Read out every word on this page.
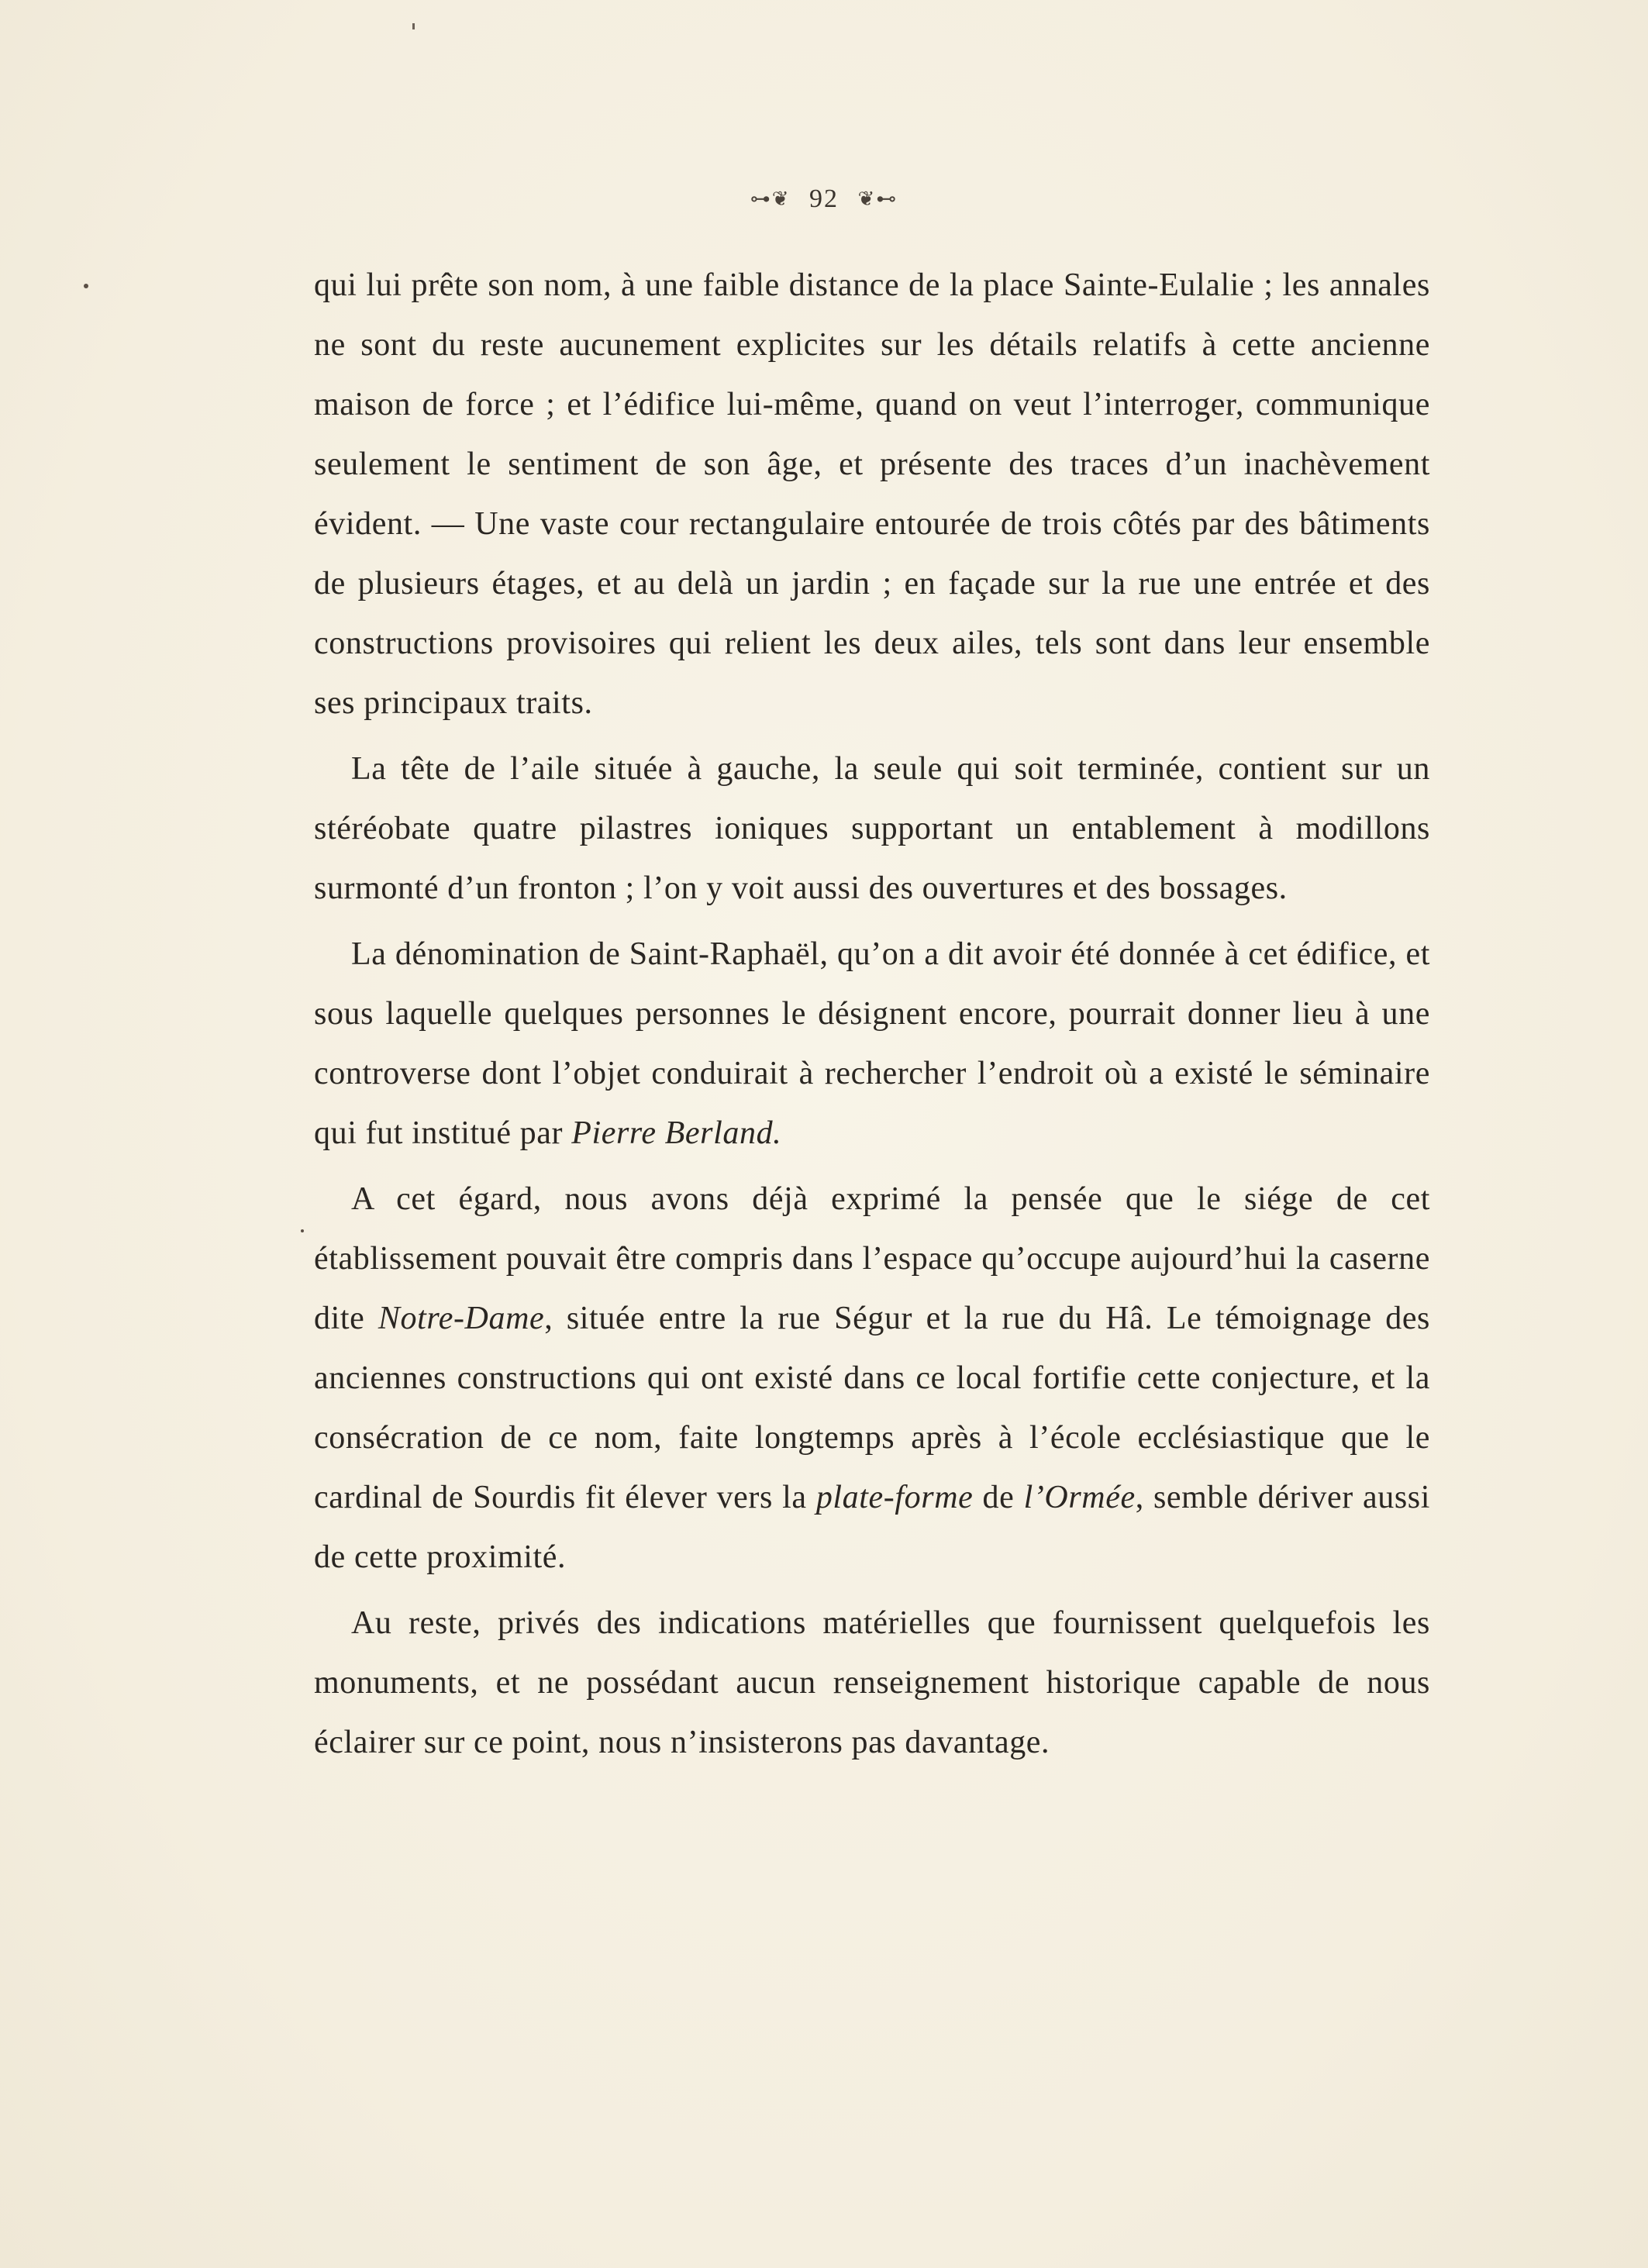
⊶❦ 92 ❦⊷

qui lui prête son nom, à une faible distance de la place Sainte-Eulalie ; les annales ne sont du reste aucunement explicites sur les détails relatifs à cette ancienne maison de force ; et l’édifice lui-même, quand on veut l’interroger, communique seulement le sentiment de son âge, et présente des traces d’un inachèvement évident. — Une vaste cour rectangulaire entourée de trois côtés par des bâtiments de plusieurs étages, et au delà un jardin ; en façade sur la rue une entrée et des constructions provisoires qui relient les deux ailes, tels sont dans leur ensemble ses principaux traits.

La tête de l’aile située à gauche, la seule qui soit terminée, contient sur un stéréobate quatre pilastres ioniques supportant un entablement à modillons surmonté d’un fronton ; l’on y voit aussi des ouvertures et des bossages.

La dénomination de Saint-Raphaël, qu’on a dit avoir été donnée à cet édifice, et sous laquelle quelques personnes le désignent encore, pourrait donner lieu à une controverse dont l’objet conduirait à rechercher l’endroit où a existé le séminaire qui fut institué par Pierre Berland.

A cet égard, nous avons déjà exprimé la pensée que le siége de cet établissement pouvait être compris dans l’espace qu’occupe aujourd’hui la caserne dite Notre-Dame, située entre la rue Ségur et la rue du Hâ. Le témoignage des anciennes constructions qui ont existé dans ce local fortifie cette conjecture, et la consécration de ce nom, faite longtemps après à l’école ecclésiastique que le cardinal de Sourdis fit élever vers la plate-forme de l’Ormée, semble dériver aussi de cette proximité.

Au reste, privés des indications matérielles que fournissent quelquefois les monuments, et ne possédant aucun renseignement historique capable de nous éclairer sur ce point, nous n’insisterons pas davantage.
